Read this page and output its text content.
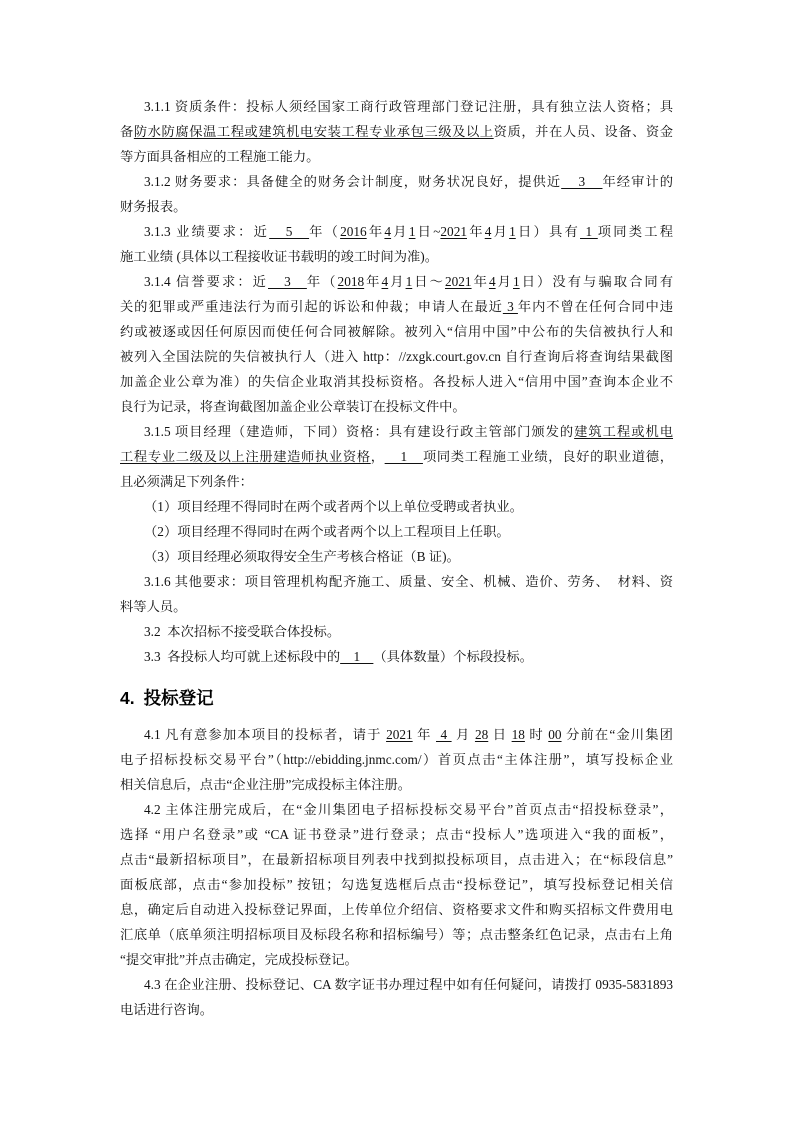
3.1.1 资质条件：投标人须经国家工商行政管理部门登记注册，具有独立法人资格；具
备防水防腐保温工程或建筑机电安装工程专业承包三级及以上资质，并在人员、设备、资金
等方面具备相应的工程施工能力。
3.1.2 财务要求：具备健全的财务会计制度，财务状况良好，提供近    3    年经审计的
财务报表。
3.1.3 业绩要求：近   5   年（2016年4月1日~2021年4月1日）具有 1 项同类工程
施工业绩 (具体以工程接收证书载明的竣工时间为准)。
3.1.4 信誉要求：近   3   年（2018年4月1日～2021年4月1日）没有与骗取合同有
关的犯罪或严重违法行为而引起的诉讼和仲裁；申请人在最近 3 年内不曾在任何合同中违
约或被逐或因任何原因而使任何合同被解除。被列入“信用中国”中公布的失信被执行人和
被列入全国法院的失信被执行人（进入 http：//zxgk.court.gov.cn 自行查询后将查询结果截图
加盖企业公章为准）的失信企业取消其投标资格。各投标人进入“信用中国”查询本企业不
良行为记录，将查询截图加盖企业公章装订在投标文件中。
3.1.5 项目经理（建造师，下同）资格：具有建设行政主管部门颁发的建筑工程或机电
工程专业二级及以上注册建造师执业资格，    1    项同类工程施工业绩，良好的职业道德，
且必须满足下列条件：
（1）项目经理不得同时在两个或者两个以上单位受聘或者执业。
（2）项目经理不得同时在两个或者两个以上工程项目上任职。
（3）项目经理必须取得安全生产考核合格证（B 证)。
3.1.6 其他要求：项目管理机构配齐施工、质量、安全、机械、造价、劳务、  材料、资
料等人员。
3.2  本次招标不接受联合体投标。
3.3  各投标人均可就上述标段中的    1    （具体数量）个标段投标。
4. 投标登记
4.1 凡有意参加本项目的投标者，请于 2021 年  4  月 28 日 18 时 00 分前在“金川集团
电子招标投标交易平台”（http://ebidding.jnmc.com/）首页点击“主体注册”，填写投标企业
相关信息后，点击“企业注册”完成投标主体注册。
4.2 主体注册完成后，在“金川集团电子招标投标交易平台”首页点击“招投标登录”，
选择 “用户名登录”或 “CA 证书登录”进行登录；点击“投标人”选项进入“我的面板”，
点击“最新招标项目”，在最新招标项目列表中找到拟投标项目，点击进入；在“标段信息”
面板底部，点击“参加投标” 按钮；勾选复选框后点击“投标登记”，填写投标登记相关信
息，确定后自动进入投标登记界面，上传单位介绍信、资格要求文件和购买招标文件费用电
汇底单（底单须注明招标项目及标段名称和招标编号）等；点击整条红色记录，点击右上角
“提交审批”并点击确定，完成投标登记。
4.3 在企业注册、投标登记、CA 数字证书办理过程中如有任何疑问，请拨打 0935-5831893
电话进行咨询。
